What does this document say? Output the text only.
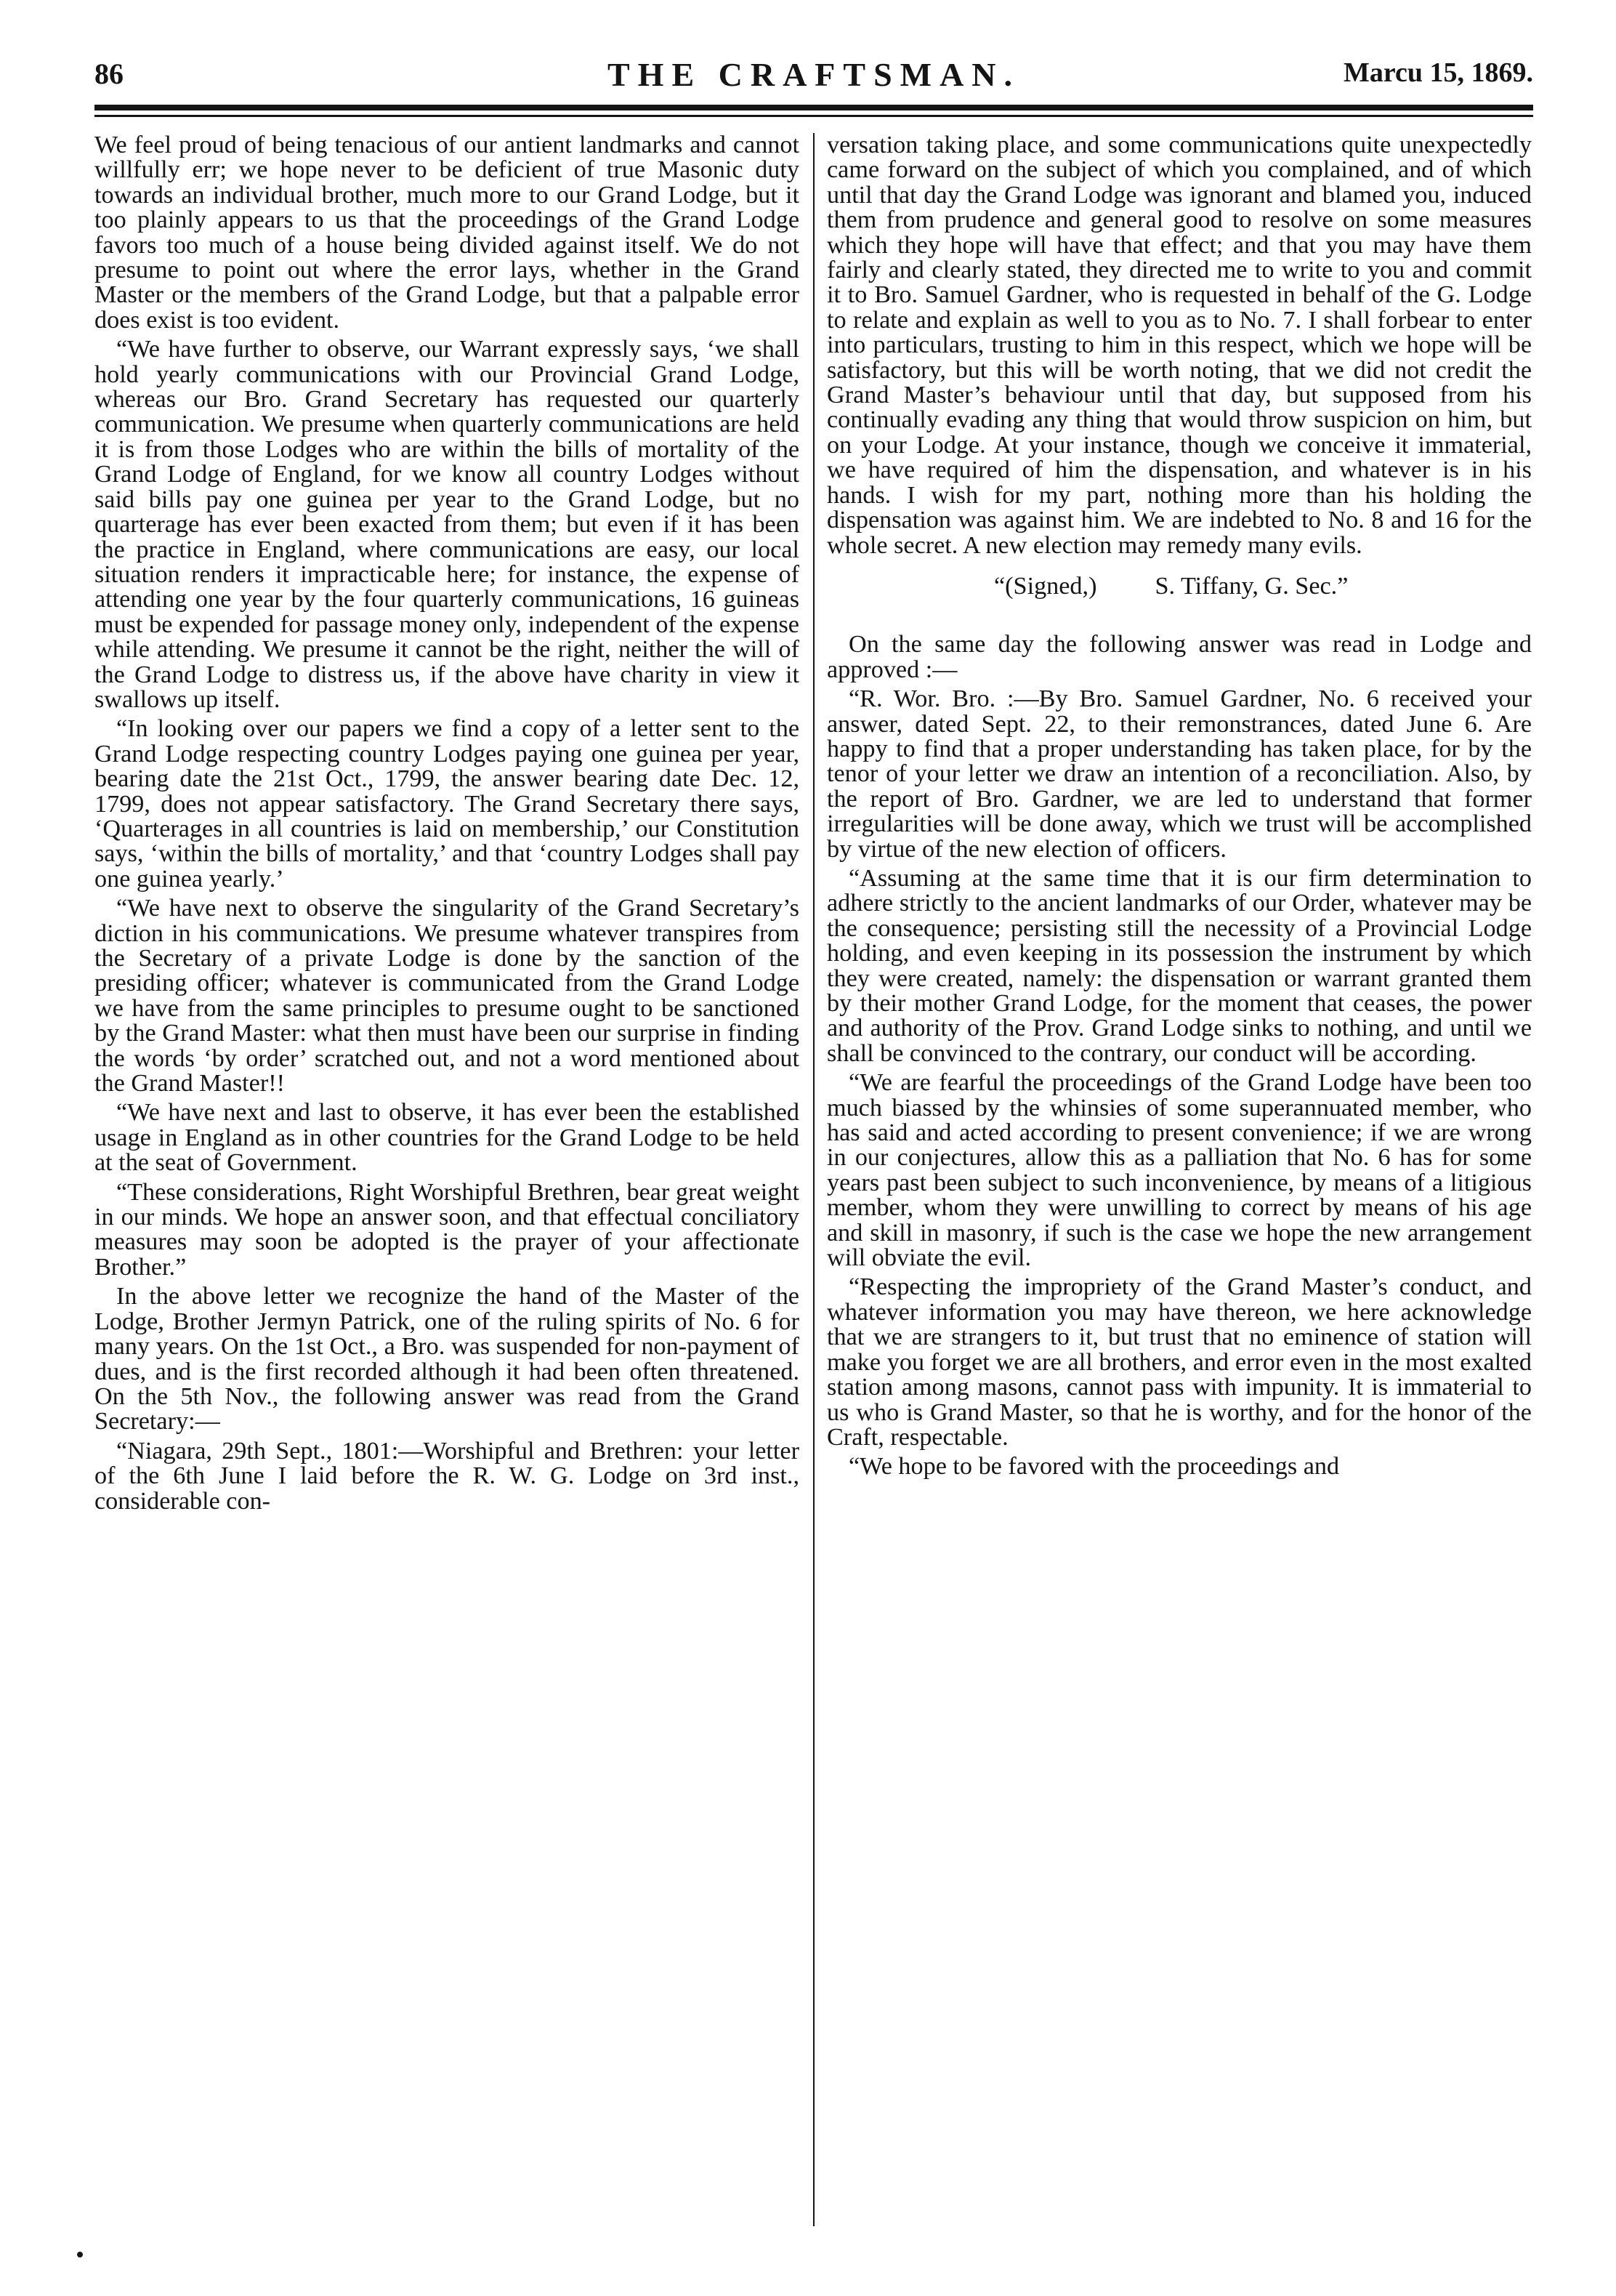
86	THE CRAFTSMAN.	Marcu 15, 1869.

We feel proud of being tenacious of our antient landmarks and cannot willfully err; we hope never to be deficient of true Masonic duty towards an individual brother, much more to our Grand Lodge, but it too plainly appears to us that the proceedings of the Grand Lodge favors too much of a house being divided against itself. We do not presume to point out where the error lays, whether in the Grand Master or the members of the Grand Lodge, but that a palpable error does exist is too evident.

“We have further to observe, our Warrant expressly says, ‘we shall hold yearly communications with our Provincial Grand Lodge, whereas our Bro. Grand Secretary has requested our quarterly communication. We presume when quarterly communications are held it is from those Lodges who are within the bills of mortality of the Grand Lodge of England, for we know all country Lodges without said bills pay one guinea per year to the Grand Lodge, but no quarterage has ever been exacted from them; but even if it has been the practice in England, where communications are easy, our local situation renders it impracticable here; for instance, the expense of attending one year by the four quarterly communications, 16 guineas must be expended for passage money only, independent of the expense while attending. We presume it cannot be the right, neither the will of the Grand Lodge to distress us, if the above have charity in view it swallows up itself.

“In looking over our papers we find a copy of a letter sent to the Grand Lodge respecting country Lodges paying one guinea per year, bearing date the 21st Oct., 1799, the answer bearing date Dec. 12, 1799, does not appear satisfactory. The Grand Secretary there says, ‘Quarterages in all countries is laid on membership,’ our Constitution says, ‘within the bills of mortality,’ and that ‘country Lodges shall pay one guinea yearly.’

“We have next to observe the singularity of the Grand Secretary’s diction in his communications. We presume whatever transpires from the Secretary of a private Lodge is done by the sanction of the presiding officer; whatever is communicated from the Grand Lodge we have from the same principles to presume ought to be sanctioned by the Grand Master: what then must have been our surprise in finding the words ‘by order’ scratched out, and not a word mentioned about the Grand Master!!

“We have next and last to observe, it has ever been the established usage in England as in other countries for the Grand Lodge to be held at the seat of Government.

“These considerations, Right Worshipful Brethren, bear great weight in our minds. We hope an answer soon, and that effectual conciliatory measures may soon be adopted is the prayer of your affectionate Brother.”

In the above letter we recognize the hand of the Master of the Lodge, Brother Jermyn Patrick, one of the ruling spirits of No. 6 for many years. On the 1st Oct., a Bro. was suspended for non-payment of dues, and is the first recorded although it had been often threatened. On the 5th Nov., the following answer was read from the Grand Secretary:—

“Niagara, 29th Sept., 1801:—Worshipful and Brethren: your letter of the 6th June I laid before the R. W. G. Lodge on 3rd inst., considerable con-

versation taking place, and some communications quite unexpectedly came forward on the subject of which you complained, and of which until that day the Grand Lodge was ignorant and blamed you, induced them from prudence and general good to resolve on some measures which they hope will have that effect; and that you may have them fairly and clearly stated, they directed me to write to you and commit it to Bro. Samuel Gardner, who is requested in behalf of the G. Lodge to relate and explain as well to you as to No. 7. I shall forbear to enter into particulars, trusting to him in this respect, which we hope will be satisfactory, but this will be worth noting, that we did not credit the Grand Master’s behaviour until that day, but supposed from his continually evading any thing that would throw suspicion on him, but on your Lodge. At your instance, though we conceive it immaterial, we have required of him the dispensation, and whatever is in his hands. I wish for my part, nothing more than his holding the dispensation was against him. We are indebted to No. 8 and 16 for the whole secret. A new election may remedy many evils.

“(Signed,) S. Tiffany, G. Sec.”

On the same day the following answer was read in Lodge and approved :—

“R. Wor. Bro. :—By Bro. Samuel Gardner, No. 6 received your answer, dated Sept. 22, to their remonstrances, dated June 6. Are happy to find that a proper understanding has taken place, for by the tenor of your letter we draw an intention of a reconciliation. Also, by the report of Bro. Gardner, we are led to understand that former irregularities will be done away, which we trust will be accomplished by virtue of the new election of officers.

“Assuming at the same time that it is our firm determination to adhere strictly to the ancient landmarks of our Order, whatever may be the consequence; persisting still the necessity of a Provincial Lodge holding, and even keeping in its possession the instrument by which they were created, namely: the dispensation or warrant granted them by their mother Grand Lodge, for the moment that ceases, the power and authority of the Prov. Grand Lodge sinks to nothing, and until we shall be convinced to the contrary, our conduct will be according.

“We are fearful the proceedings of the Grand Lodge have been too much biassed by the whinsies of some superannuated member, who has said and acted according to present convenience; if we are wrong in our conjectures, allow this as a palliation that No. 6 has for some years past been subject to such inconvenience, by means of a litigious member, whom they were unwilling to correct by means of his age and skill in masonry, if such is the case we hope the new arrangement will obviate the evil.

“Respecting the impropriety of the Grand Master’s conduct, and whatever information you may have thereon, we here acknowledge that we are strangers to it, but trust that no eminence of station will make you forget we are all brothers, and error even in the most exalted station among masons, cannot pass with impunity. It is immaterial to us who is Grand Master, so that he is worthy, and for the honor of the Craft, respectable.

“We hope to be favored with the proceedings and
